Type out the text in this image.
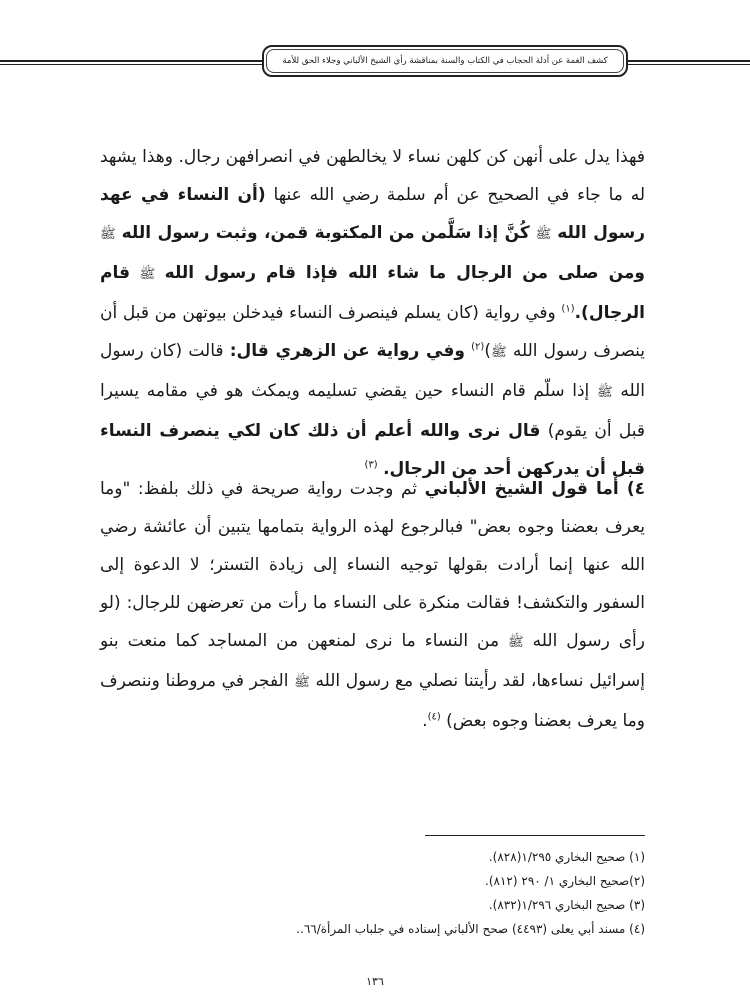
كشف الغمة عن أدلة الحجاب في الكتاب والسنة بمناقشة رأي الشيخ الألباني وجلاء الحق للأمة

فهذا يدل على أنهن كن كلهن نساء لا يخالطهن في انصرافهن رجال. وهذا يشهد له ما جاء في الصحيح عن أم سلمة رضي الله عنها (أن النساء في عهد رسول الله ﷺ كُنَّ إذا سَلَّمن من المكتوبة قمن، وثبت رسول الله ﷺ ومن صلى من الرجال ما شاء الله فإذا قام رسول الله ﷺ قام الرجال).$^{(١)}$ وفي رواية (كان يسلم فينصرف النساء فيدخلن بيوتهن من قبل أن ينصرف رسول الله ﷺ)$^{(٢)}$ وفي رواية عن الزهري قال: قالت (كان رسول الله ﷺ إذا سلّم قام النساء حين يقضي تسليمه ويمكث هو في مقامه يسيرا قبل أن يقوم) قال نرى والله أعلم أن ذلك كان لكي ينصرف النساء قبل أن يدركهن أحد من الرجال. $^{(٣)}$

٤) أما قول الشيخ الألباني ثم وجدت رواية صريحة في ذلك بلفظ: "وما يعرف بعضنا وجوه بعض" فبالرجوع لهذه الرواية بتمامها يتبين أن عائشة رضي الله عنها إنما أرادت بقولها توجيه النساء إلى زيادة التستر؛ لا الدعوة إلى السفور والتكشف! فقالت منكرة على النساء ما رأت من تعرضهن للرجال: (لو رأى رسول الله ﷺ من النساء ما نرى لمنعهن من المساجد كما منعت بنو إسرائيل نساءها، لقد رأيتنا نصلي مع رسول الله ﷺ الفجر في مروطنا وننصرف وما يعرف بعضنا وجوه بعض) $^{(٤)}$.

(١) صحيح البخاري ١/٢٩٥(٨٢٨).
(٢)صحيح البخاري ١/ ٢٩٠ (٨١٢).
(٣) صحيح البخاري ١/٢٩٦(٨٣٢).
(٤) مسند أبي يعلى (٤٤٩٣) صحح الألباني إسناده في جلباب المرأة/٦٦..
١٣٦
